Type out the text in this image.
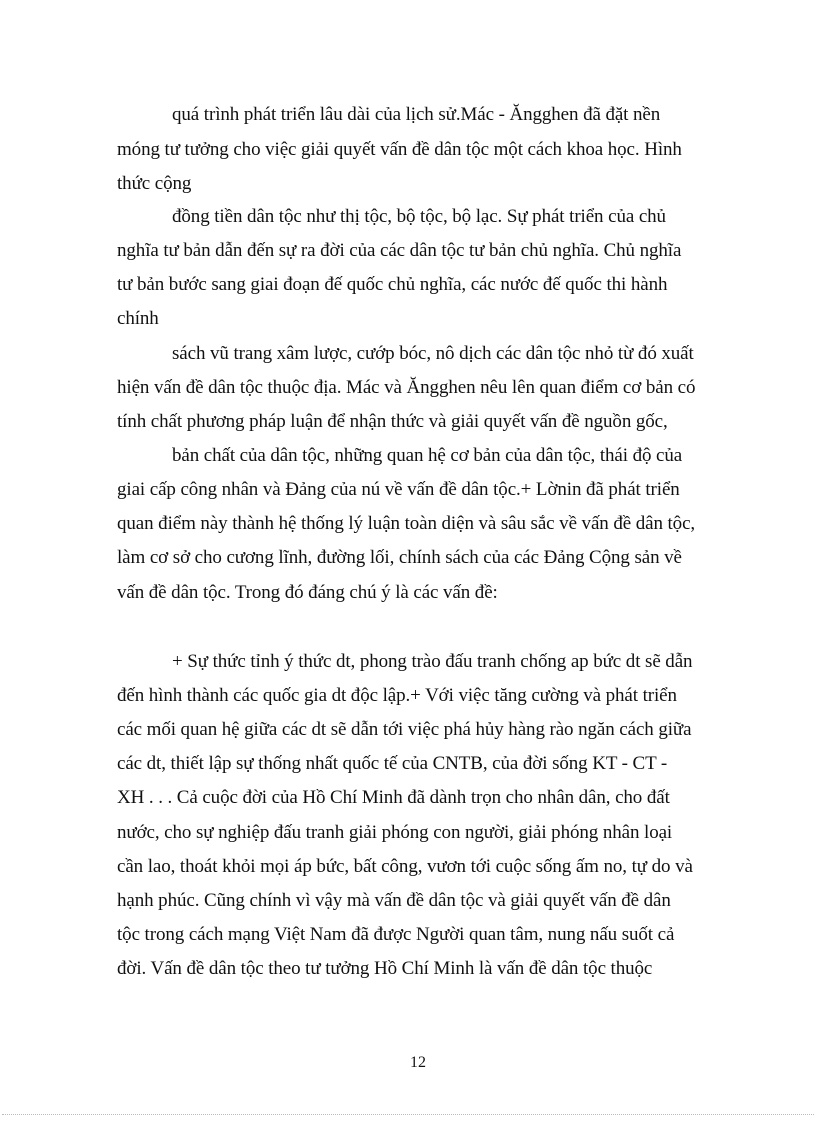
quá trình phát triển lâu dài của lịch sử.Mác - Ăngghen đã đặt nền
móng tư tưởng cho việc giải quyết vấn đề dân tộc một cách khoa học. Hình
thức cộng
đồng tiền dân tộc như thị tộc, bộ tộc, bộ lạc. Sự phát triển của chủ
nghĩa tư bản dẫn đến sự ra đời của các dân tộc tư bản chủ nghĩa. Chủ nghĩa
tư bản bước sang giai đoạn đế quốc chủ nghĩa, các nước đế quốc thi hành
chính
sách vũ trang xâm lược, cướp bóc, nô dịch các dân tộc nhỏ từ đó xuất
hiện vấn đề dân tộc thuộc địa. Mác và Ăngghen nêu lên quan điểm cơ bản có
tính chất phương pháp luận để nhận thức và giải quyết vấn đề nguồn gốc,
bản chất của dân tộc, những quan hệ cơ bản của dân tộc, thái độ của
giai cấp công nhân và Đảng của nú về vấn đề dân tộc.+ Lờnin đã phát triển
quan điểm này thành hệ thống lý luận toàn diện và sâu sắc về vấn đề dân tộc,
làm cơ sở cho cương lĩnh, đường lối, chính sách của các Đảng Cộng sản về
vấn đề dân tộc. Trong đó đáng chú ý là các vấn đề:
+ Sự thức tỉnh ý thức dt, phong trào đấu tranh chống ap bức dt sẽ dẫn
đến hình thành các quốc gia dt độc lập.+ Với việc tăng cường và phát triển
các mối quan hệ giữa các dt sẽ dẫn tới việc phá hủy hàng rào ngăn cách giữa
các dt, thiết lập sự thống nhất quốc tế của CNTB, của đời sống KT - CT -
XH . . . Cả cuộc đời của Hồ Chí Minh đã dành trọn cho nhân dân, cho đất
nước, cho sự nghiệp đấu tranh giải phóng con người, giải phóng nhân loại
cần lao, thoát khỏi mọi áp bức, bất công, vươn tới cuộc sống ấm no, tự do và
hạnh phúc. Cũng chính vì vậy mà vấn đề dân tộc và giải quyết vấn đề dân
tộc trong cách mạng Việt Nam đã được Người quan tâm, nung nấu suốt cả
đời. Vấn đề dân tộc theo tư tưởng Hồ Chí Minh là vấn đề dân tộc thuộc
12
